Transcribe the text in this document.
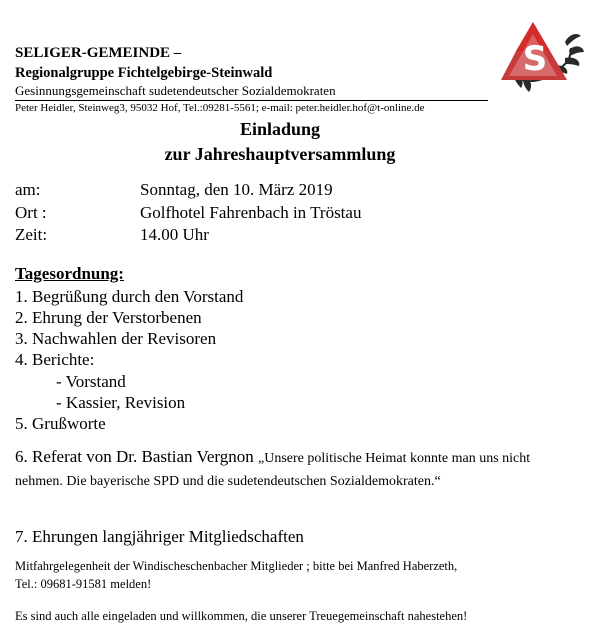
S
SELIGER-GEMEINDE –
Regionalgruppe Fichtelgebirge-Steinwald
Gesinnungsgemeinschaft sudetendeutscher Sozialdemokraten
Peter Heidler, Steinweg3, 95032 Hof, Tel.:09281-5561; e-mail: peter.heidler.hof@t-online.de
Einladung
zur Jahreshauptversammlung
am:	Sonntag, den 10. März 2019
Ort :	Golfhotel Fahrenbach in Tröstau
Zeit:	14.00 Uhr
Tagesordnung:
1. Begrüßung durch den Vorstand
2. Ehrung der Verstorbenen
3. Nachwahlen der Revisoren
4. Berichte:
- Vorstand
- Kassier, Revision
5. Grußworte
6. Referat von Dr. Bastian Vergnon „Unsere politische Heimat konnte man uns nicht nehmen. Die bayerische SPD und die sudetendeutschen Sozialdemokraten.“
7. Ehrungen langjähriger Mitgliedschaften
Mitfahrgelegenheit der Windischeschenbacher Mitglieder ; bitte bei Manfred Haberzeth,
Tel.: 09681-91581 melden!
Es sind auch alle eingeladen und willkommen, die unserer Treuegemeinschaft nahestehen!
